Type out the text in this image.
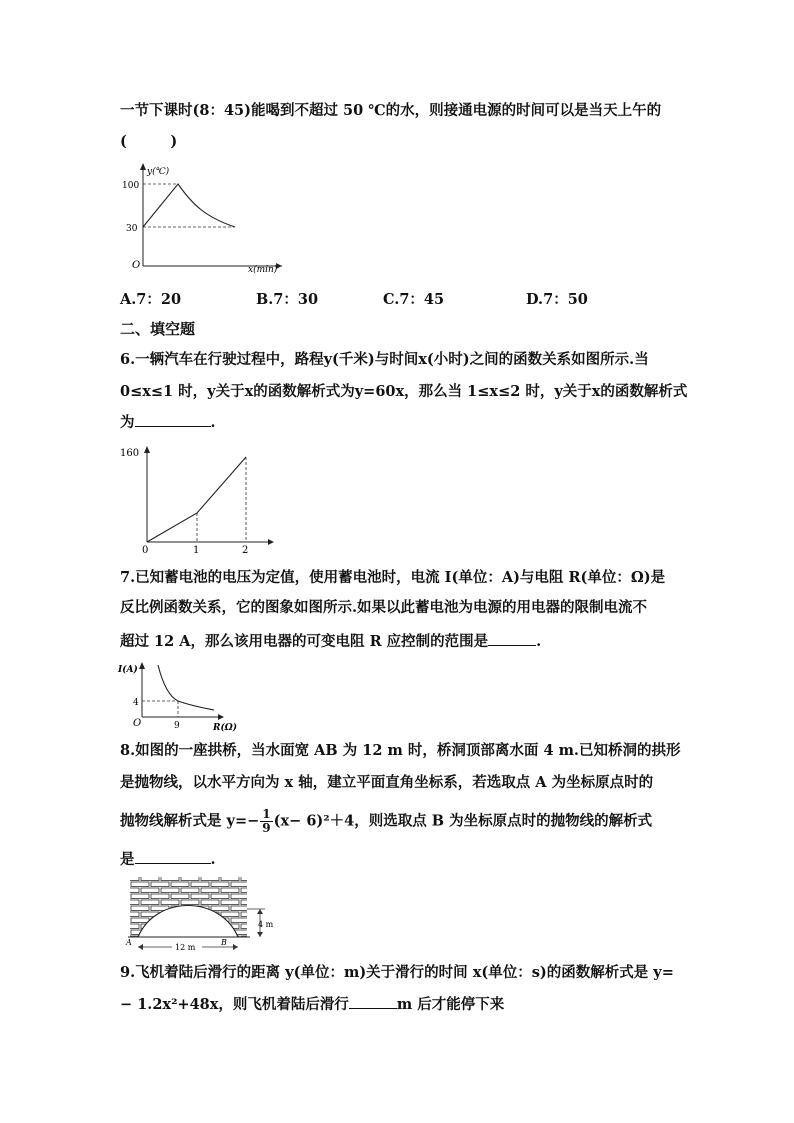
一节下课时(8：45)能喝到不超过 50 ℃的水，则接通电源的时间可以是当天上午的
(　　　)
y(℃)
100
30
O	x(min)
A.7：20	B.7：30	C.7：45	D.7：50
二、填空题
6.一辆汽车在行驶过程中，路程y(千米)与时间x(小时)之间的函数关系如图所示.当
0≤x≤1 时，y关于x的函数解析式为y=60x，那么当 1≤x≤2 时，y关于x的函数解析式
为	.
160
0	1	2
7.已知蓄电池的电压为定值，使用蓄电池时，电流 I(单位：A)与电阻 R(单位：Ω)是
反比例函数关系，它的图象如图所示.如果以此蓄电池为电源的用电器的限制电流不
超过 12 A，那么该用电器的可变电阻 R 应控制的范围是	.
I(A)
4
O	9	R(Ω)
8.如图的一座拱桥，当水面宽 AB 为 12 m 时，桥洞顶部离水面 4 m.已知桥洞的拱形
是抛物线，以水平方向为 x 轴，建立平面直角坐标系，若选取点 A 为坐标原点时的
抛物线解析式是 $y=- \frac{1}{9} (x- 6)^2+4$，则选取点 B 为坐标原点时的抛物线的解析式
是	.
4 m
12 m
A	B
9.飞机着陆后滑行的距离 y(单位：m)关于滑行的时间 x(单位：s)的函数解析式是 y=
− 1.2x²+48x，则飞机着陆后滑行	m 后才能停下来
